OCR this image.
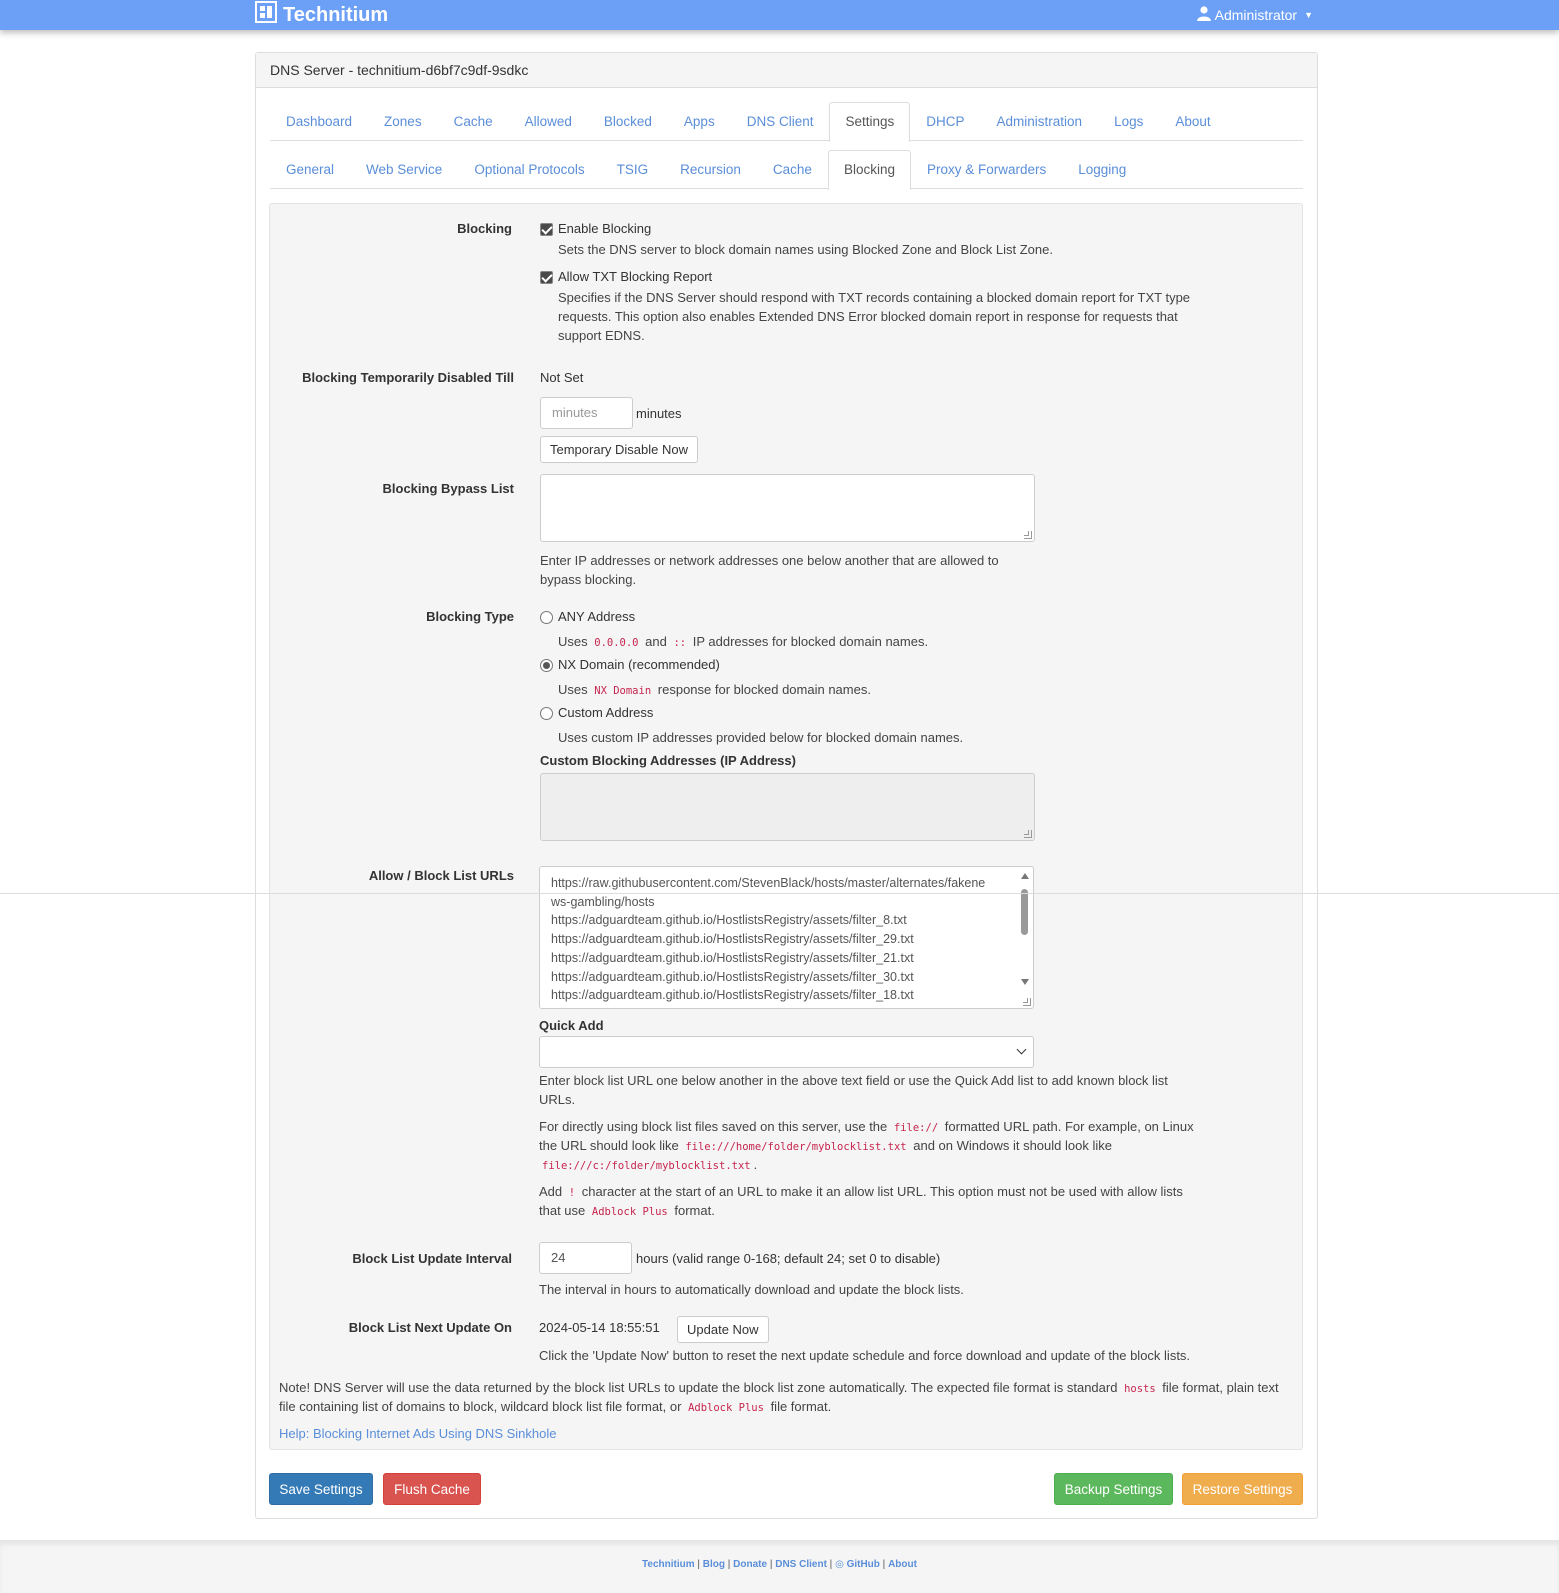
Technitium	Administrator ▼
DNS Server - technitium-d6bf7c9df-9sdkc
Dashboard	Zones	Cache	Allowed	Blocked	Apps	DNS Client	Settings	DHCP	Administration	Logs	About
General	Web Service	Optional Protocols	TSIG	Recursion	Cache	Blocking	Proxy & Forwarders	Logging
Blocking	Enable Blocking
Sets the DNS server to block domain names using Blocked Zone and Block List Zone.
Allow TXT Blocking Report
Specifies if the DNS Server should respond with TXT records containing a blocked domain report for TXT type
requests. This option also enables Extended DNS Error blocked domain report in response for requests that
support EDNS.
Blocking Temporarily Disabled Till Not Set
minutes	minutes
Temporary Disable Now
Blocking Bypass List
Enter IP addresses or network addresses one below another that are allowed to
bypass blocking.
Blocking Type	ANY Address
Uses 0.0.0.0 and :: IP addresses for blocked domain names.
NX Domain (recommended)
Uses NX Domain response for blocked domain names.
Custom Address
Uses custom IP addresses provided below for blocked domain names.
Custom Blocking Addresses (IP Address)
Allow / Block List URLs	https://raw.githubusercontent.com/StevenBlack/hosts/master/alternates/fakene
ws-gambling/hosts
https://adguardteam.github.io/HostlistsRegistry/assets/filter_8.txt
https://adguardteam.github.io/HostlistsRegistry/assets/filter_29.txt
https://adguardteam.github.io/HostlistsRegistry/assets/filter_21.txt
https://adguardteam.github.io/HostlistsRegistry/assets/filter_30.txt
https://adguardteam.github.io/HostlistsRegistry/assets/filter_18.txt
Quick Add
Enter block list URL one below another in the above text field or use the Quick Add list to add known block list
URLs.
For directly using block list files saved on this server, use the file:// formatted URL path. For example, on Linux
the URL should look like file:///home/folder/myblocklist.txt and on Windows it should look like
file:///c:/folder/myblocklist.txt .
Add ! character at the start of an URL to make it an allow list URL. This option must not be used with allow lists
that use Adblock Plus format.
Block List Update Interval	24	hours (valid range 0-168; default 24; set 0 to disable)
The interval in hours to automatically download and update the block lists.
Block List Next Update On 2024-05-14 18:55:51	Update Now
Click the 'Update Now' button to reset the next update schedule and force download and update of the block lists.
Note! DNS Server will use the data returned by the block list URLs to update the block list zone automatically. The expected file format is standard hosts file format, plain text
file containing list of domains to block, wildcard block list file format, or Adblock Plus file format.
Help: Blocking Internet Ads Using DNS Sinkhole
Save Settings	Flush Cache	Backup Settings	Restore Settings
Technitium | Blog | Donate | DNS Client | ◎ GitHub | About
